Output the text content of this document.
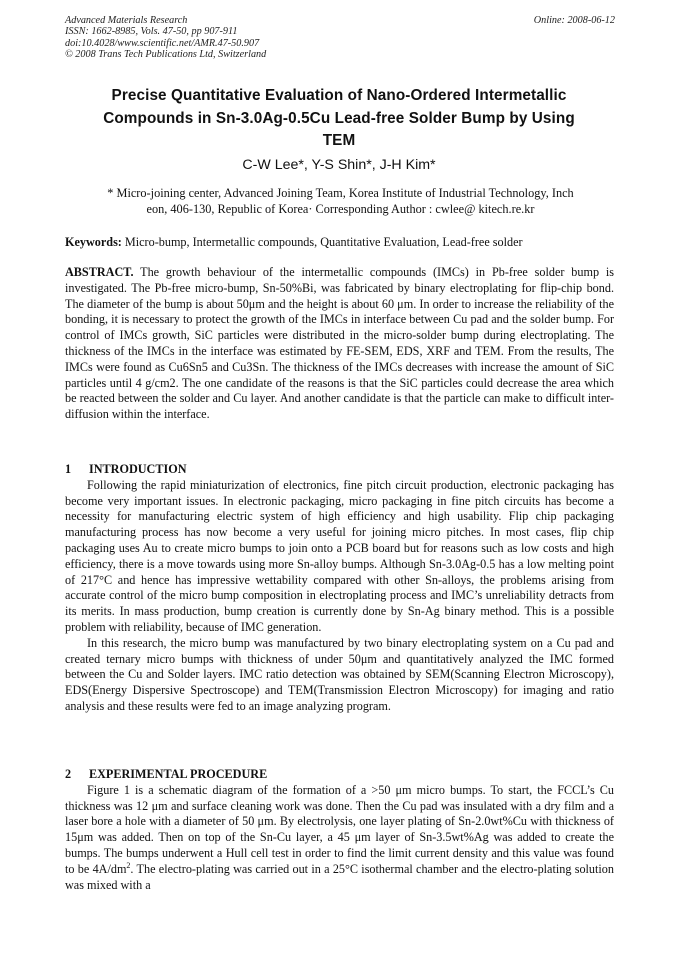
Advanced Materials Research
ISSN: 1662-8985, Vols. 47-50, pp 907-911
doi:10.4028/www.scientific.net/AMR.47-50.907
© 2008 Trans Tech Publications Ltd, Switzerland
Online: 2008-06-12
Precise Quantitative Evaluation of Nano-Ordered Intermetallic
Compounds in Sn-3.0Ag-0.5Cu Lead-free Solder Bump by Using
TEM
C-W Lee*, Y-S Shin*, J-H Kim*
* Micro-joining center, Advanced Joining Team, Korea Institute of Industrial Technology, Inch
eon, 406-130, Republic of Korea· Corresponding Author : cwlee@ kitech.re.kr
Keywords: Micro-bump, Intermetallic compounds, Quantitative Evaluation, Lead-free solder
ABSTRACT. The growth behaviour of the intermetallic compounds (IMCs) in Pb-free solder bump is investigated. The Pb-free micro-bump, Sn-50%Bi, was fabricated by binary electroplating for flip-chip bond. The diameter of the bump is about 50μm and the height is about 60 μm. In order to increase the reliability of the bonding, it is necessary to protect the growth of the IMCs in interface between Cu pad and the solder bump. For control of IMCs growth, SiC particles were distributed in the micro-solder bump during electroplating. The thickness of the IMCs in the interface was estimated by FE-SEM, EDS, XRF and TEM. From the results, The IMCs were found as Cu6Sn5 and Cu3Sn. The thickness of the IMCs decreases with increase the amount of SiC particles until 4 g/cm2. The one candidate of the reasons is that the SiC particles could decrease the area which be reacted between the solder and Cu layer. And another candidate is that the particle can make to difficult inter-diffusion within the interface.

1 INTRODUCTION

Following the rapid miniaturization of electronics, fine pitch circuit production, electronic packaging has become very important issues. In electronic packaging, micro packaging in fine pitch circuits has become a necessity for manufacturing electric system of high efficiency and high usability. Flip chip packaging manufacturing process has now become a very useful for joining micro pitches. In most cases, flip chip packaging uses Au to create micro bumps to join onto a PCB board but for reasons such as low costs and high efficiency, there is a move towards using more Sn-alloy bumps. Although Sn-3.0Ag-0.5 has a low melting point of 217°C and hence has impressive wettability compared with other Sn-alloys, the problems arising from accurate control of the micro bump composition in electroplating process and IMC’s unreliability detracts from its merits. In mass production, bump creation is currently done by Sn-Ag binary method. This is a possible problem with reliability, because of IMC generation.

In this research, the micro bump was manufactured by two binary electroplating system on a Cu pad and created ternary micro bumps with thickness of under 50μm and quantitatively analyzed the IMC formed between the Cu and Solder layers. IMC ratio detection was obtained by SEM(Scanning Electron Microscopy), EDS(Energy Dispersive Spectroscope) and TEM(Transmission Electron Microscopy) for imaging and ratio analysis and these results were fed to an image analyzing program.

2 EXPERIMENTAL PROCEDURE

Figure 1 is a schematic diagram of the formation of a >50 μm micro bumps. To start, the FCCL’s Cu thickness was 12 μm and surface cleaning work was done. Then the Cu pad was insulated with a dry film and a laser bore a hole with a diameter of 50 μm. By electrolysis, one layer plating of Sn-2.0wt%Cu with thickness of 15μm was added. Then on top of the Sn-Cu layer, a 45 μm layer of Sn-3.5wt%Ag was added to create the bumps. The bumps underwent a Hull cell test in order to find the limit current density and this value was found to be $4A/dm^2$. The electro-plating was carried out in a 25°C isothermal chamber and the electro-plating solution was mixed with a
